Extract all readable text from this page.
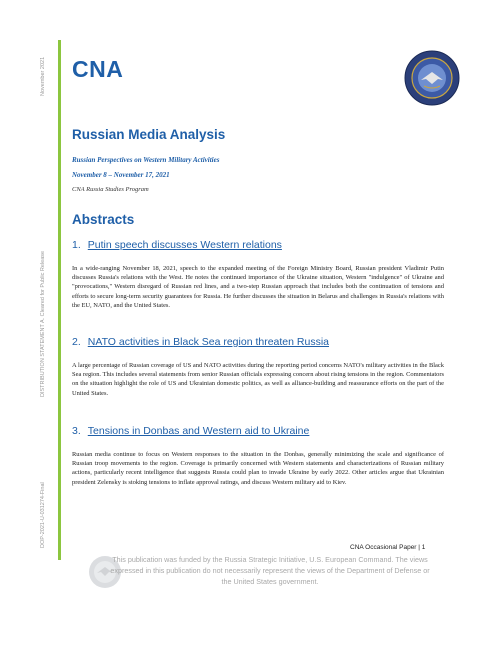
November 2021
DISTRIBUTION STATEMENT A. Cleared for Public Release
DOP-2021-U-031274-Final
CNA
Russian Media Analysis
Russian Perspectives on Western Military Activities
November 8 – November 17, 2021
CNA Russia Studies Program
Abstracts
1. Putin speech discusses Western relations
In a wide-ranging November 18, 2021, speech to the expanded meeting of the Foreign Ministry Board, Russian president Vladimir Putin discusses Russia's relations with the West. He notes the continued importance of the Ukraine situation, Western "indulgence" of Ukraine and "provocations," Western disregard of Russian red lines, and a two-step Russian approach that includes both the continuation of tensions and efforts to secure long-term security guarantees for Russia. He further discusses the situation in Belarus and challenges in Russia's relations with the EU, NATO, and the United States.
2. NATO activities in Black Sea region threaten Russia
A large percentage of Russian coverage of US and NATO activities during the reporting period concerns NATO's military activities in the Black Sea region. This includes several statements from senior Russian officials expressing concern about rising tensions in the region. Commentators on the situation highlight the role of US and Ukrainian domestic politics, as well as alliance-building and reassurance efforts on the part of the United States.
3. Tensions in Donbas and Western aid to Ukraine
Russian media continue to focus on Western responses to the situation in the Donbas, generally minimizing the scale and significance of Russian troop movements to the region. Coverage is primarily concerned with Western statements and characterizations of Russian military actions, particularly recent intelligence that suggests Russia could plan to invade Ukraine by early 2022. Other articles argue that Ukrainian president Zelensky is stoking tensions to inflate approval ratings, and discuss Western military aid to Kiev.
CNA Occasional Paper | 1
This publication was funded by the Russia Strategic Initiative, U.S. European Command. The views expressed in this publication do not necessarily represent the views of the Department of Defense or the United States government.
